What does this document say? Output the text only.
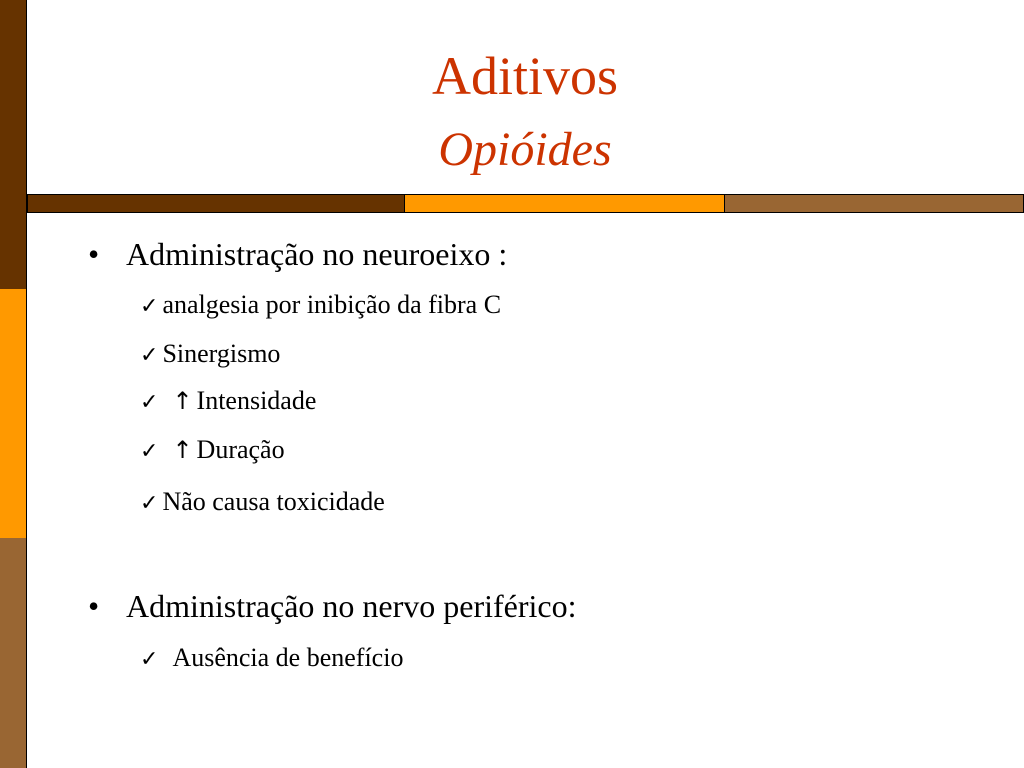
Aditivos
Opióides
• Administração no neuroeixo :
✓ analgesia por inibição da fibra C
✓ Sinergismo
✓ ↑ Intensidade
✓ ↑ Duração
✓ Não causa toxicidade
• Administração no nervo periférico:
✓ Ausência de benefício
